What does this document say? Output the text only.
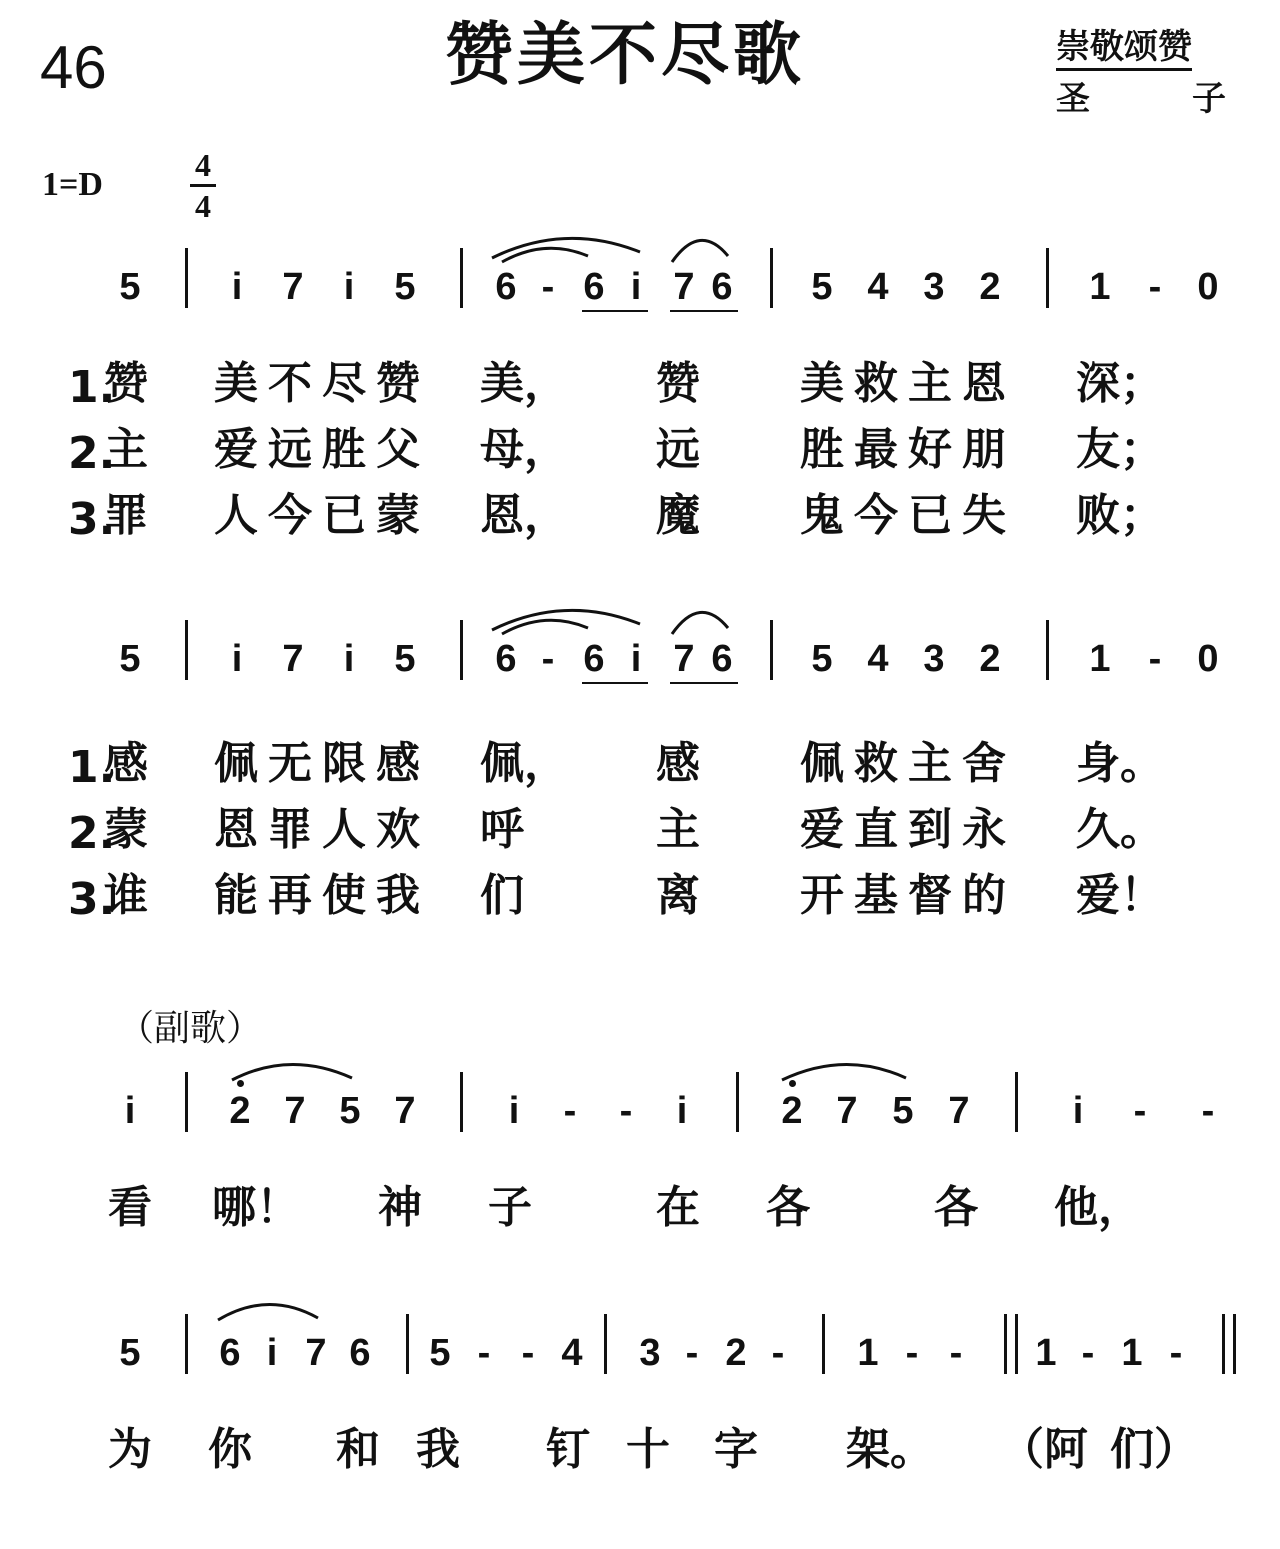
46	赞美不尽歌	崇敬颂赞
圣	子
1=D
4
4
5 i 7 i 5 6 - 6 i 7 6 5 4 3 2 1 - 0
1.
赞 美不尽赞 美， 赞 美救主恩 深；
2.
主 爱远胜父 母， 远 胜最好朋 友；
3.
罪 人今已蒙 恩， 魔 鬼今已失 败；
5 i 7 i 5 6 - 6 i 7 6 5 4 3 2 1 - 0
1.
感 佩无限感 佩， 感 佩救主舍 身。
2.
蒙 恩罪人欢 呼	主 爱直到永 久。
3.
谁 能再使我 们	离 开基督的 爱！
i 2 7 5 7 i - - i 2 7 5 7	i - -
看 哪！ 神 子	在 各	各 他，
5 6 i 7 6 5 - - 4 3 - 2 - 1 - - 1 - 1 -
为 你 和 我 钉 十 字 架。 （阿 们）
（副歌）
